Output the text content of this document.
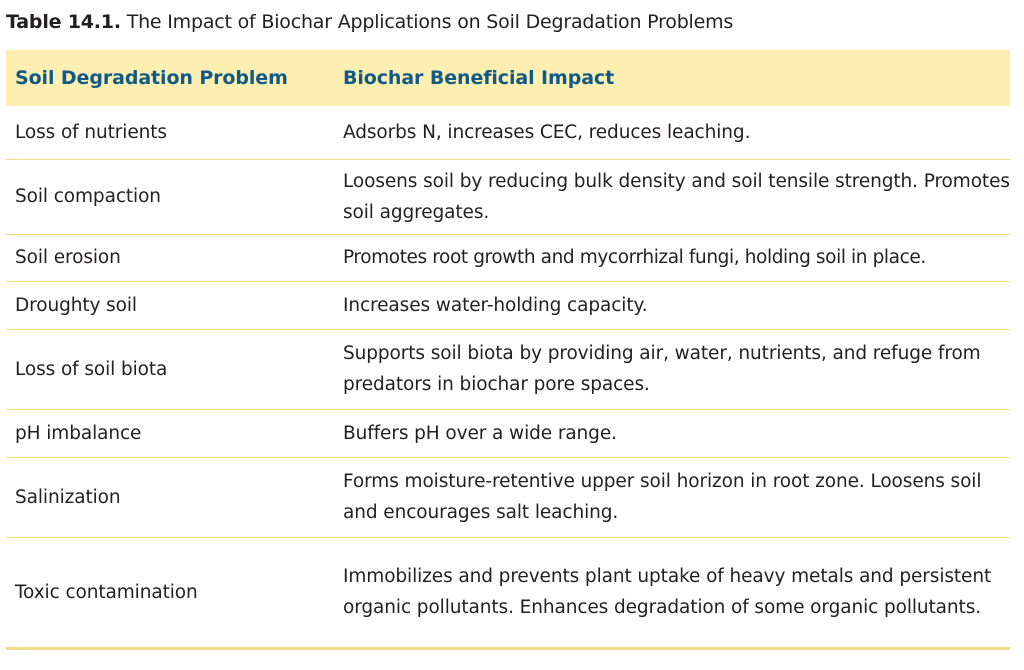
Table 14.1. The Impact of Biochar Applications on Soil Degradation Problems
Soil Degradation Problem	Biochar Beneficial Impact
Loss of nutrients	Adsorbs N, increases CEC, reduces leaching.
Soil compaction	Loosens soil by reducing bulk density and soil tensile strength. Promotes soil aggregates.
Soil erosion	Promotes root growth and mycorrhizal fungi, holding soil in place.
Droughty soil	Increases water-holding capacity.
Loss of soil biota	Supports soil biota by providing air, water, nutrients, and refuge from predators in biochar pore spaces.
pH imbalance	Buffers pH over a wide range.
Salinization	Forms moisture-retentive upper soil horizon in root zone. Loosens soil and encourages salt leaching.
Toxic contamination	Immobilizes and prevents plant uptake of heavy metals and persistent organic pollutants. Enhances degradation of some organic pollutants.
